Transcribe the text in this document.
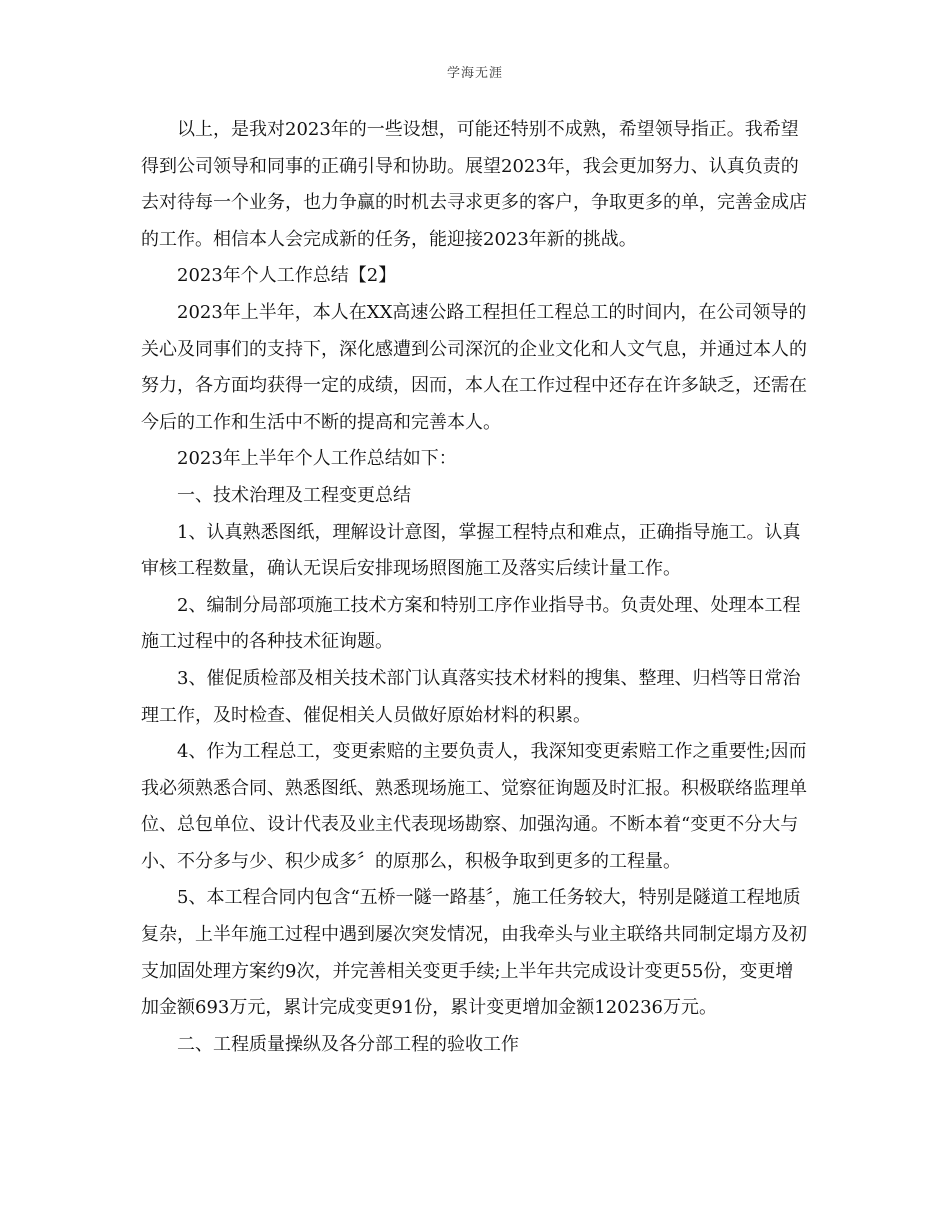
学海无涯

以上，是我对2023年的一些设想，可能还特别不成熟，希望领导指正。我希望得到公司领导和同事的正确引导和协助。展望2023年，我会更加努力、认真负责的去对待每一个业务，也力争赢的时机去寻求更多的客户，争取更多的单，完善金成店的工作。相信本人会完成新的任务，能迎接2023年新的挑战。

2023年个人工作总结【2】

2023年上半年，本人在XX高速公路工程担任工程总工的时间内，在公司领导的关心及同事们的支持下，深化感遭到公司深沉的企业文化和人文气息，并通过本人的努力，各方面均获得一定的成绩，因而，本人在工作过程中还存在许多缺乏，还需在今后的工作和生活中不断的提高和完善本人。

2023年上半年个人工作总结如下：

一、技术治理及工程变更总结

1、认真熟悉图纸，理解设计意图，掌握工程特点和难点，正确指导施工。认真审核工程数量，确认无误后安排现场照图施工及落实后续计量工作。

2、编制分局部项施工技术方案和特别工序作业指导书。负责处理、处理本工程施工过程中的各种技术征询题。

3、催促质检部及相关技术部门认真落实技术材料的搜集、整理、归档等日常治理工作，及时检查、催促相关人员做好原始材料的积累。

4、作为工程总工，变更索赔的主要负责人，我深知变更索赔工作之重要性;因而我必须熟悉合同、熟悉图纸、熟悉现场施工、觉察征询题及时汇报。积极联络监理单位、总包单位、设计代表及业主代表现场勘察、加强沟通。不断本着“变更不分大与小、不分多与少、积少成多〞的原那么，积极争取到更多的工程量。

5、本工程合同内包含“五桥一隧一路基〞，施工任务较大，特别是隧道工程地质复杂，上半年施工过程中遇到屡次突发情况，由我牵头与业主联络共同制定塌方及初支加固处理方案约9次，并完善相关变更手续;上半年共完成设计变更55份，变更增加金额693万元，累计完成变更91份，累计变更增加金额120236万元。

二、工程质量操纵及各分部工程的验收工作
